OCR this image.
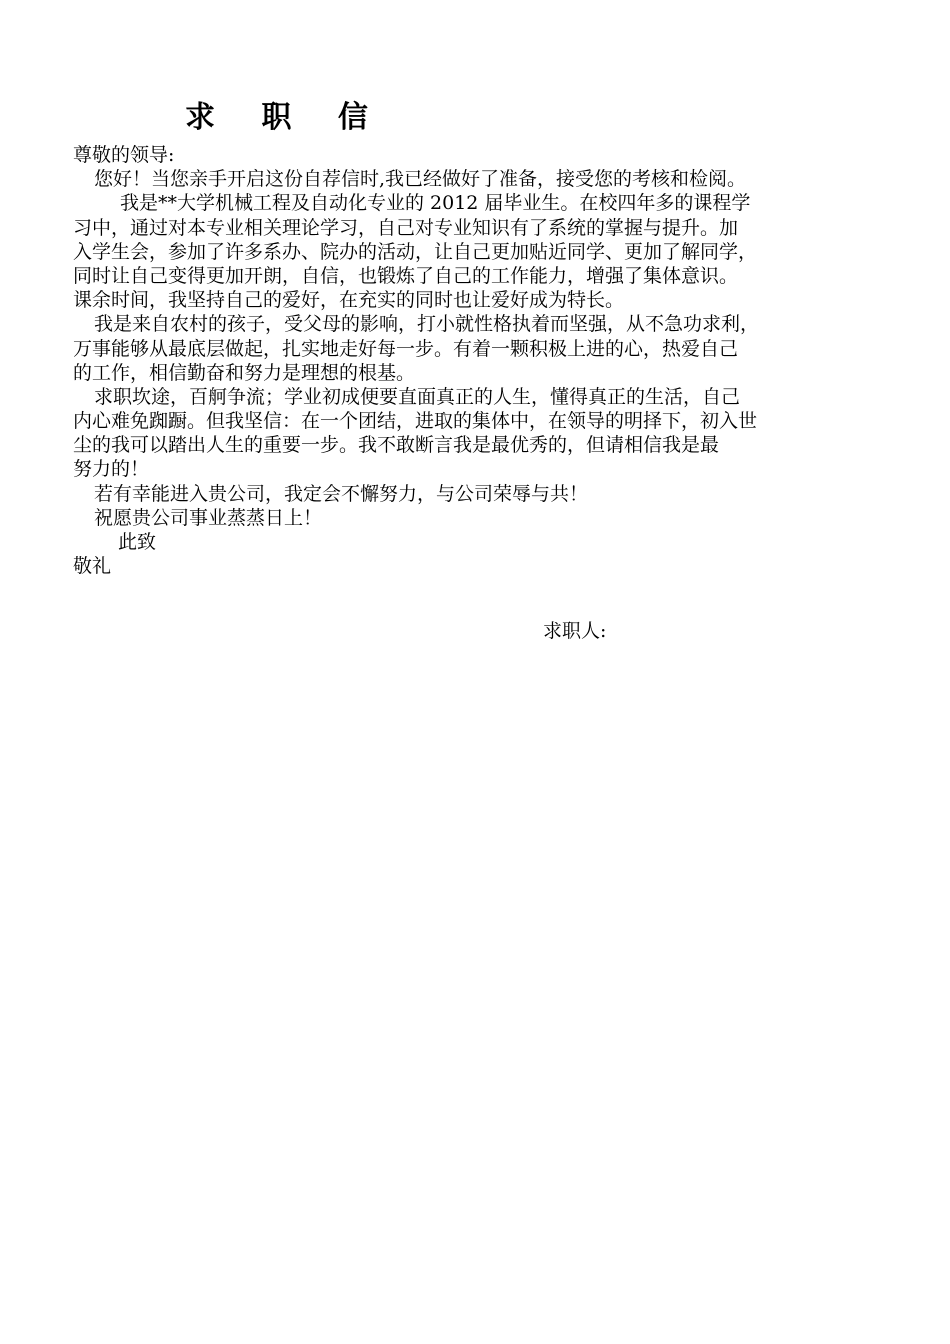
求 职 信
尊敬的领导:
您好！当您亲手开启这份自荐信时,我已经做好了准备，接受您的考核和检阅。
我是**大学机械工程及自动化专业的 2012 届毕业生。在校四年多的课程学
习中，通过对本专业相关理论学习，自己对专业知识有了系统的掌握与提升。加
入学生会，参加了许多系办、院办的活动，让自己更加贴近同学、更加了解同学，
同时让自己变得更加开朗，自信，也锻炼了自己的工作能力，增强了集体意识。
课余时间，我坚持自己的爱好，在充实的同时也让爱好成为特长。
我是来自农村的孩子，受父母的影响，打小就性格执着而坚强，从不急功求利，
万事能够从最底层做起，扎实地走好每一步。有着一颗积极上进的心，热爱自己
的工作，相信勤奋和努力是理想的根基。
求职坎途，百舸争流；学业初成便要直面真正的人生，懂得真正的生活，自己
内心难免踟蹰。但我坚信：在一个团结，进取的集体中，在领导的明择下，初入世
尘的我可以踏出人生的重要一步。我不敢断言我是最优秀的，但请相信我是最
努力的！
若有幸能进入贵公司，我定会不懈努力，与公司荣辱与共！
祝愿贵公司事业蒸蒸日上！
此致
敬礼
求职人:
